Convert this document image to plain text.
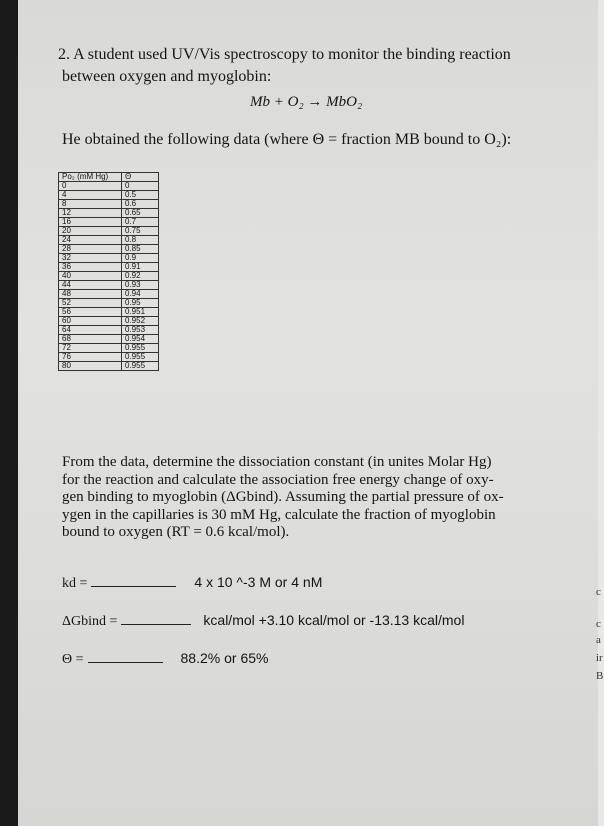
2. A student used UV/Vis spectroscopy to monitor the binding reaction
between oxygen and myoglobin:
Mb + O₂ → MbO₂
He obtained the following data (where Θ = fraction MB bound to O₂):
Po₂ (mM Hg)	Θ
0	0
4	0.5
8	0.6
12	0.65
16	0.7
20	0.75
24	0.8
28	0.85
32	0.9
36	0.91
40	0.92
44	0.93
48	0.94
52	0.95
56	0.951
60	0.952
64	0.953
68	0.954
72	0.955
76	0.955
80	0.955
From the data, determine the dissociation constant (in unites Molar Hg)
for the reaction and calculate the association free energy change of oxy-
gen binding to myoglobin (ΔGbind). Assuming the partial pressure of ox-
ygen in the capillaries is 30 mM Hg, calculate the fraction of myoglobin
bound to oxygen (RT = 0.6 kcal/mol).
kd =	4 x 10 ^-3 M or 4 nM
ΔGbind =	kcal/mol +3.10 kcal/mol or -13.13 kcal/mol
Θ =	88.2% or 65%
c
c
a
ir
B
